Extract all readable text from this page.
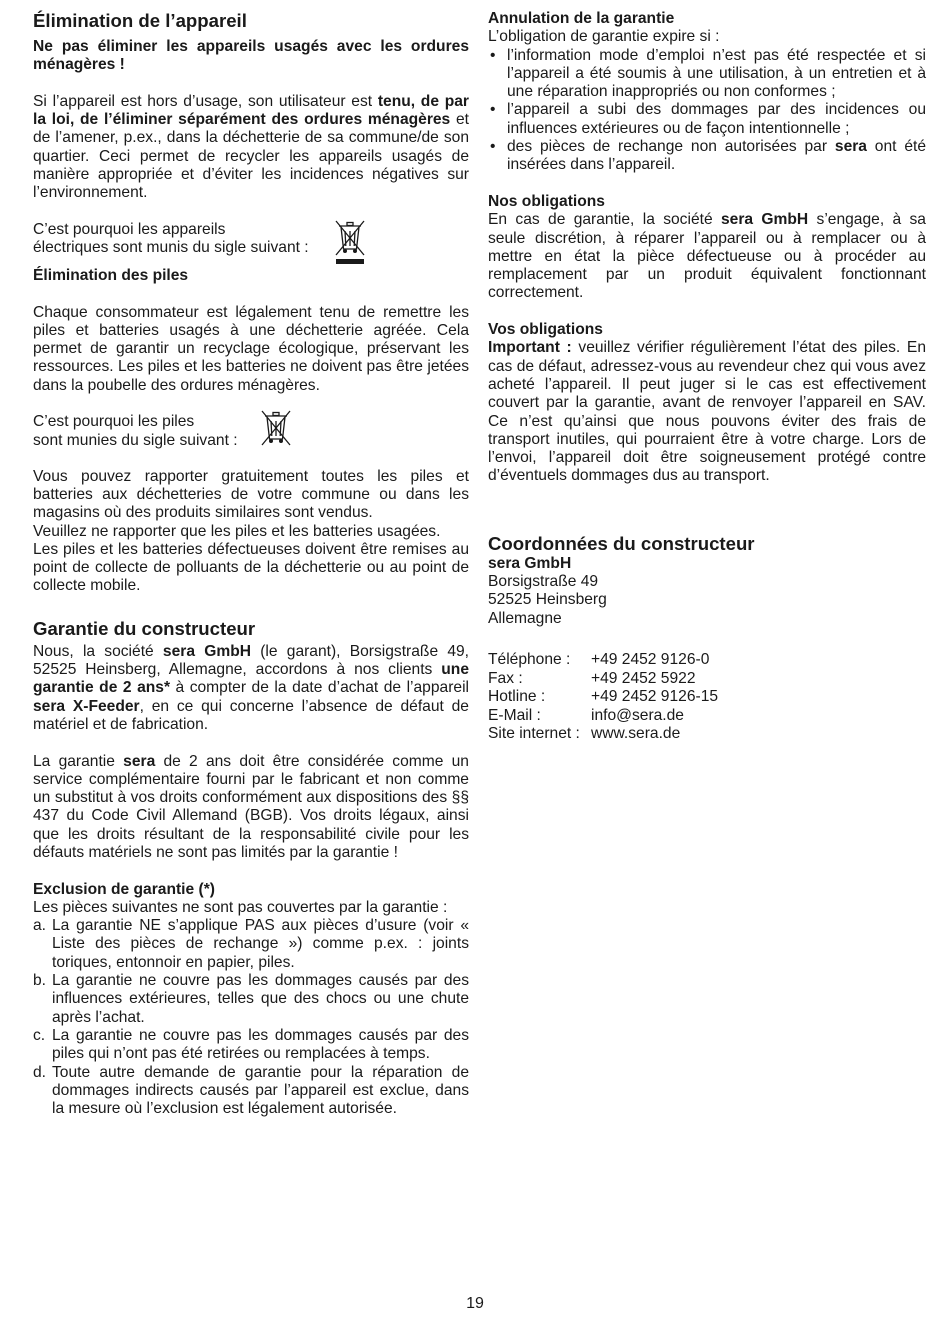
Élimination de l’appareil

Ne pas éliminer les appareils usagés avec les ordures ménagères !

Si l’appareil est hors d’usage, son utilisateur est tenu, de par la loi, de l’éliminer séparément des ordures ménagères et de l’amener, p.ex., dans la déchetterie de sa commune/de son quartier. Ceci permet de recycler les appareils usagés de manière appropriée et d’éviter les incidences négatives sur l’environnement.

C’est pourquoi les appareils

électriques sont munis du sigle suivant :

Élimination des piles

Chaque consommateur est légalement tenu de remettre les piles et batteries usagés à une déchetterie agréée. Cela permet de garantir un recyclage écologique, préservant les ressources. Les piles et les batteries ne doivent pas être jetées dans la poubelle des ordures ménagères.

C’est pourquoi les piles

sont munies du sigle suivant :

Vous pouvez rapporter gratuitement toutes les piles et batteries aux déchetteries de votre commune ou dans les magasins où des produits similaires sont vendus.

Veuillez ne rapporter que les piles et les batteries usagées.

Les piles et les batteries défectueuses doivent être remises au point de collecte de polluants de la déchetterie ou au point de collecte mobile.

Garantie du constructeur

Nous, la société sera GmbH (le garant), Borsigstraße 49, 52525 Heinsberg, Allemagne, accordons à nos clients une garantie de 2 ans* à compter de la date d’achat de l’appareil sera X-Feeder, en ce qui concerne l’absence de défaut de matériel et de fabrication.

La garantie sera de 2 ans doit être considérée comme un service complémentaire fourni par le fabricant et non comme un substitut à vos droits conformément aux dispositions des §§ 437 du Code Civil Allemand (BGB). Vos droits légaux, ainsi que les droits résultant de la responsabilité civile pour les défauts matériels ne sont pas limités par la garantie !

Exclusion de garantie (*)

Les pièces suivantes ne sont pas couvertes par la garantie :

a. La garantie NE s’applique PAS aux pièces d’usure (voir « Liste des pièces de rechange ») comme p.ex. : joints toriques, entonnoir en papier, piles.
b. La garantie ne couvre pas les dommages causés par des influences extérieures, telles que des chocs ou une chute après l’achat.
c. La garantie ne couvre pas les dommages causés par des piles qui n’ont pas été retirées ou remplacées à temps.
d. Toute autre demande de garantie pour la réparation de dommages indirects causés par l’appareil est exclue, dans la mesure où l’exclusion est légalement autorisée.

Annulation de la garantie

L’obligation de garantie expire si :

• l’information mode d’emploi n’est pas été respectée et si l’appareil a été soumis à une utilisation, à un entretien et à une réparation inappropriés ou non conformes ;
• l’appareil a subi des dommages par des incidences ou influences extérieures ou de façon intentionnelle ;
• des pièces de rechange non autorisées par sera ont été insérées dans l’appareil.

Nos obligations

En cas de garantie, la société sera GmbH s’engage, à sa seule discrétion, à réparer l’appareil ou à remplacer ou à mettre en état la pièce défectueuse ou à procéder au remplacement par un produit équivalent fonctionnant correctement.

Vos obligations

Important : veuillez vérifier régulièrement l’état des piles. En cas de défaut, adressez-vous au revendeur chez qui vous avez acheté l’appareil. Il peut juger si le cas est effectivement couvert par la garantie, avant de renvoyer l’appareil en SAV. Ce n’est qu’ainsi que nous pouvons éviter des frais de transport inutiles, qui pourraient être à votre charge. Lors de l’envoi, l’appareil doit être soigneusement protégé contre d’éventuels dommages dus au transport.

Coordonnées du constructeur

sera GmbH

Borsigstraße 49

52525 Heinsberg

Allemagne

Téléphone :	+49 2452 9126-0
Fax :	+49 2452 5922
Hotline :	+49 2452 9126-15
E-Mail :	info@sera.de
Site internet :	www.sera.de
19
